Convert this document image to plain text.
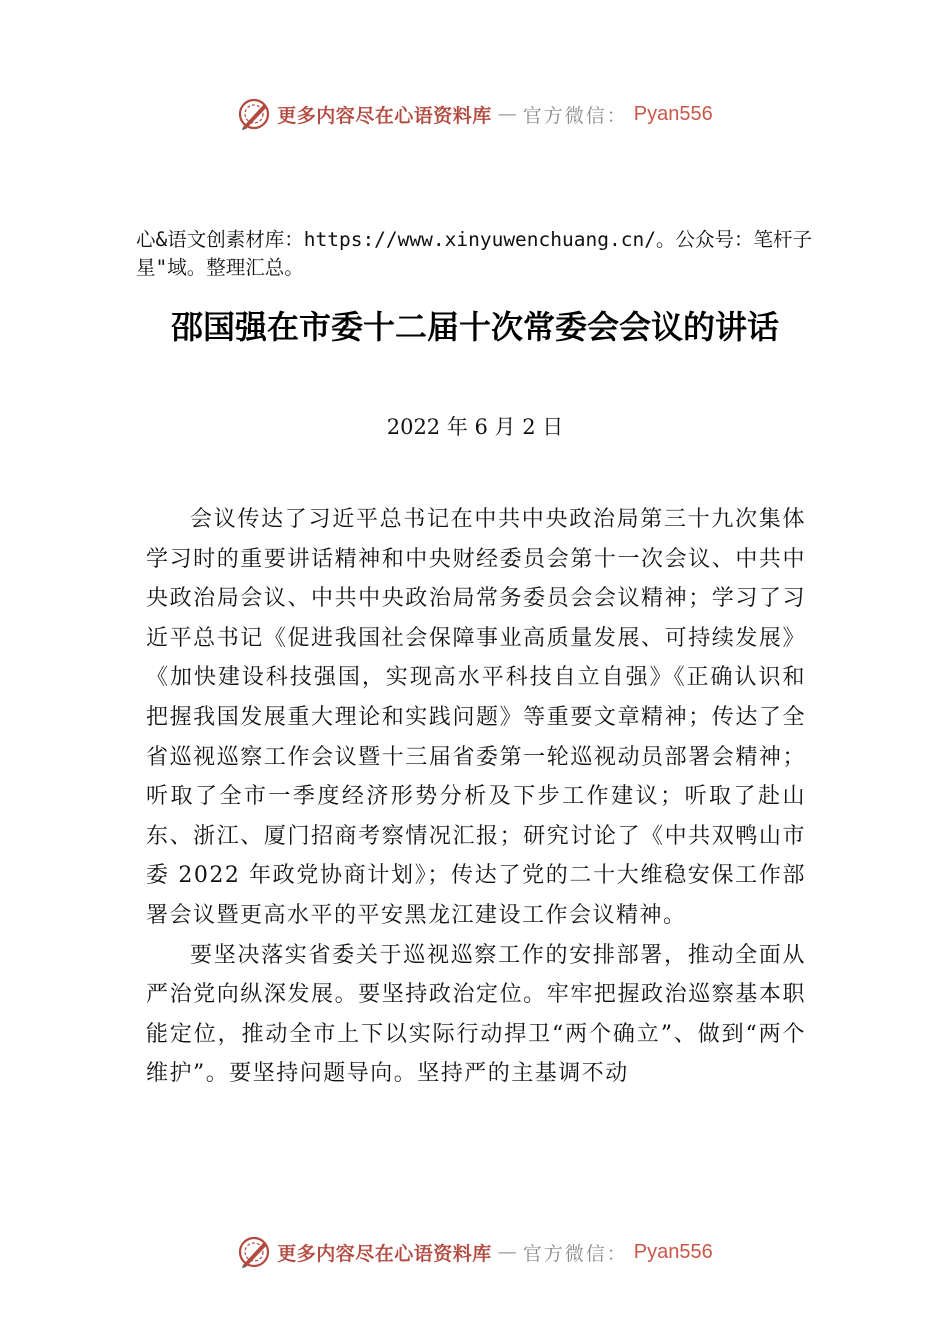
更多内容尽在心语资料库 — 官方微信： Pyan556

心&语文创素材库：https://www.xinyuwenchuang.cn/。公众号：笔杆子星"域。整理汇总。

邵国强在市委十二届十次常委会会议的讲话

2022 年 6 月 2 日

会议传达了习近平总书记在中共中央政治局第三十九次集体学习时的重要讲话精神和中央财经委员会第十一次会议、中共中央政治局会议、中共中央政治局常务委员会会议精神；学习了习近平总书记《促进我国社会保障事业高质量发展、可持续发展》《加快建设科技强国，实现高水平科技自立自强》《正确认识和把握我国发展重大理论和实践问题》等重要文章精神；传达了全省巡视巡察工作会议暨十三届省委第一轮巡视动员部署会精神；听取了全市一季度经济形势分析及下步工作建议；听取了赴山东、浙江、厦门招商考察情况汇报；研究讨论了《中共双鸭山市委 2022 年政党协商计划》；传达了党的二十大维稳安保工作部署会议暨更高水平的平安黑龙江建设工作会议精神。

要坚决落实省委关于巡视巡察工作的安排部署，推动全面从严治党向纵深发展。要坚持政治定位。牢牢把握政治巡察基本职能定位，推动全市上下以实际行动捍卫“两个确立”、做到“两个维护”。要坚持问题导向。坚持严的主基调不动

更多内容尽在心语资料库 — 官方微信： Pyan556
